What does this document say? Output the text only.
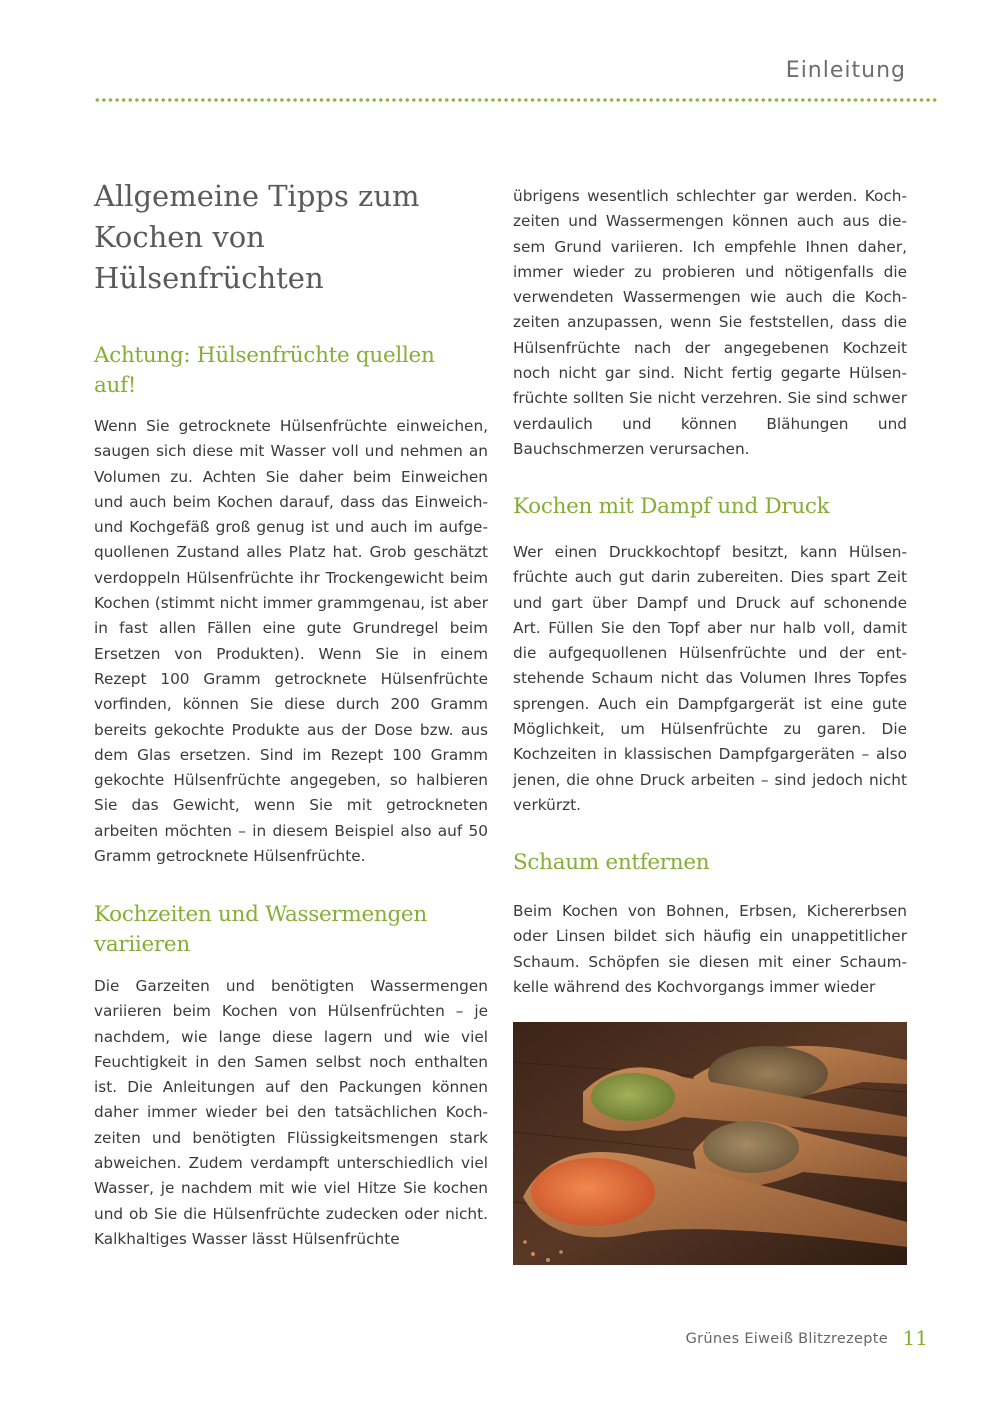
Einleitung
Allgemeine Tipps zum Kochen von Hülsenfrüchten
Achtung: Hülsenfrüchte quellen auf!

Wenn Sie getrocknete Hülsenfrüchte einweichen, saugen sich diese mit Wasser voll und nehmen an Volumen zu. Achten Sie daher beim Einweichen und auch beim Kochen darauf, dass das Einweich- und Kochgefäß groß genug ist und auch im aufgequollenen Zustand alles Platz hat. Grob geschätzt verdoppeln Hülsenfrüchte ihr Trockengewicht beim Kochen (stimmt nicht immer grammgenau, ist aber in fast allen Fällen eine gute Grundregel beim Ersetzen von Produkten). Wenn Sie in einem Rezept 100 Gramm getrocknete Hülsenfrüchte vorfinden, können Sie diese durch 200 Gramm bereits gekochte Produkte aus der Dose bzw. aus dem Glas ersetzen. Sind im Rezept 100 Gramm gekochte Hülsenfrüchte angegeben, so halbieren Sie das Gewicht, wenn Sie mit getrockneten arbeiten möchten – in diesem Beispiel also auf 50 Gramm getrocknete Hülsenfrüchte.

Kochzeiten und Wassermengen variieren

Die Garzeiten und benötigten Wassermengen variieren beim Kochen von Hülsenfrüchten – je nachdem, wie lange diese lagern und wie viel Feuchtigkeit in den Samen selbst noch enthalten ist. Die Anleitungen auf den Packungen können daher immer wieder bei den tatsächlichen Kochzeiten und benötigten Flüssigkeitsmengen stark abweichen. Zudem verdampft unterschiedlich viel Wasser, je nachdem mit wie viel Hitze Sie kochen und ob Sie die Hülsenfrüchte zudecken oder nicht. Kalkhaltiges Wasser lässt Hülsenfrüchte

übrigens wesentlich schlechter gar werden. Kochzeiten und Wassermengen können auch aus diesem Grund variieren. Ich empfehle Ihnen daher, immer wieder zu probieren und nötigenfalls die verwendeten Wassermengen wie auch die Kochzeiten anzupassen, wenn Sie feststellen, dass die Hülsenfrüchte nach der angegebenen Kochzeit noch nicht gar sind. Nicht fertig gegarte Hülsenfrüchte sollten Sie nicht verzehren. Sie sind schwer verdaulich und können Blähungen und Bauchschmerzen verursachen.

Kochen mit Dampf und Druck

Wer einen Druckkochtopf besitzt, kann Hülsenfrüchte auch gut darin zubereiten. Dies spart Zeit und gart über Dampf und Druck auf schonende Art. Füllen Sie den Topf aber nur halb voll, damit die aufgequollenen Hülsenfrüchte und der entstehende Schaum nicht das Volumen Ihres Topfes sprengen. Auch ein Dampfgargerät ist eine gute Möglichkeit, um Hülsenfrüchte zu garen. Die Kochzeiten in klassischen Dampfgargeräten – also jenen, die ohne Druck arbeiten – sind jedoch nicht verkürzt.

Schaum entfernen

Beim Kochen von Bohnen, Erbsen, Kichererbsen oder Linsen bildet sich häufig ein unappetitlicher Schaum. Schöpfen sie diesen mit einer Schaumkelle während des Kochvorgangs immer wieder

Grünes Eiweiß Blitzrezepte 11
